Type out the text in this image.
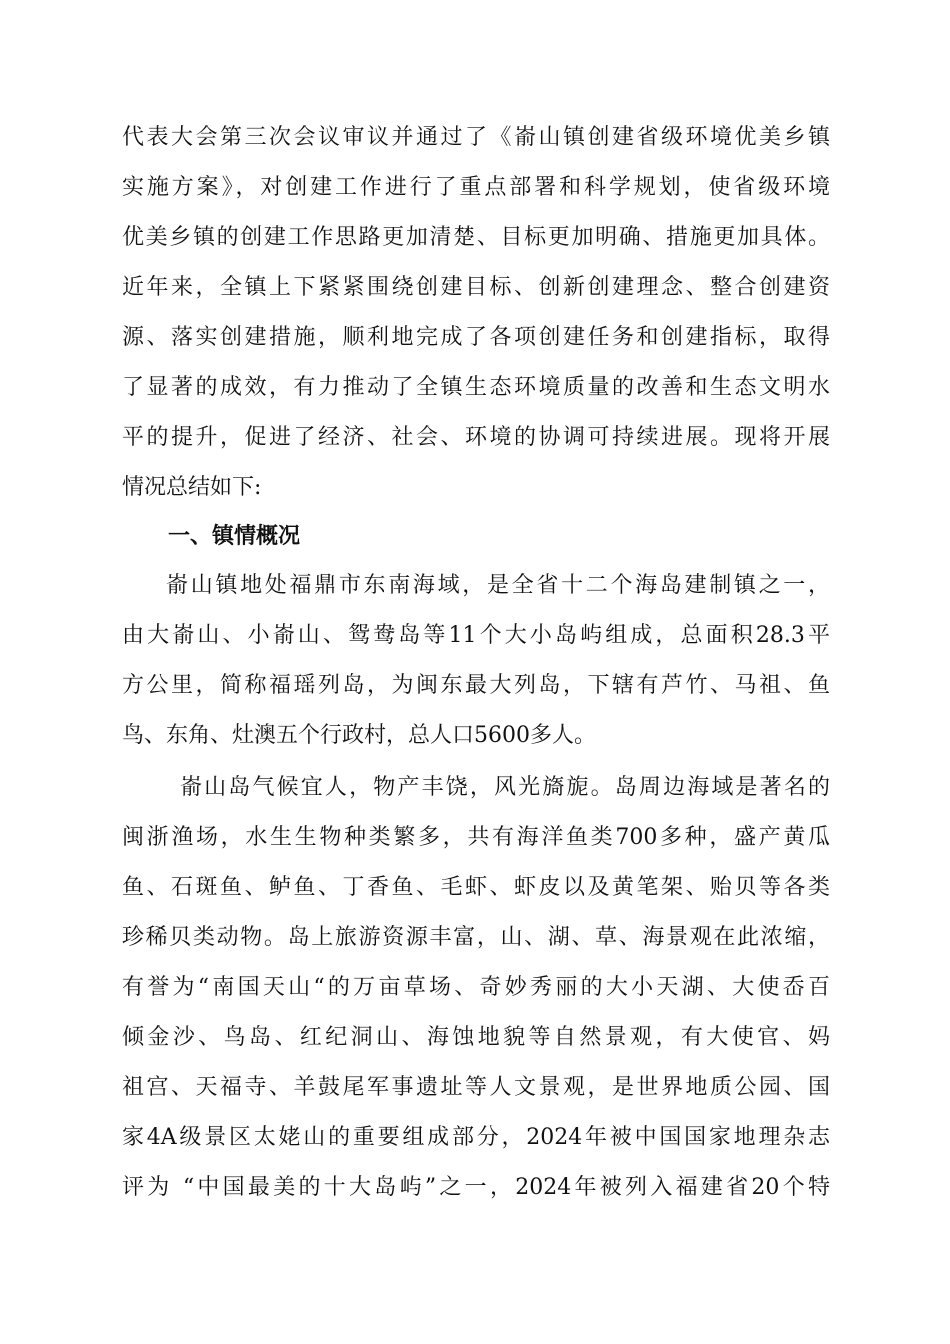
代表大会第三次会议审议并通过了《嵛山镇创建省级环境优美乡镇
实施方案》，对创建工作进行了重点部署和科学规划，使省级环境
优美乡镇的创建工作思路更加清楚、目标更加明确、措施更加具体。
近年来，全镇上下紧紧围绕创建目标、创新创建理念、整合创建资
源、落实创建措施，顺利地完成了各项创建任务和创建指标，取得
了显著的成效，有力推动了全镇生态环境质量的改善和生态文明水
平的提升，促进了经济、社会、环境的协调可持续进展。现将开展
情况总结如下:
一、镇情概况
嵛山镇地处福鼎市东南海域，是全省十二个海岛建制镇之一，
由大嵛山、小嵛山、鸳鸯岛等11个大小岛屿组成，总面积28.3平
方公里，简称福瑶列岛，为闽东最大列岛，下辖有芦竹、马祖、鱼
鸟、东角、灶澳五个行政村，总人口5600多人。
嵛山岛气候宜人，物产丰饶，风光旖旎。岛周边海域是著名的
闽浙渔场，水生生物种类繁多，共有海洋鱼类700多种，盛产黄瓜
鱼、石斑鱼、鲈鱼、丁香鱼、毛虾、虾皮以及黄笔架、贻贝等各类
珍稀贝类动物。岛上旅游资源丰富，山、湖、草、海景观在此浓缩，
有誉为“南国天山“的万亩草场、奇妙秀丽的大小天湖、大使岙百
倾金沙、鸟岛、红纪洞山、海蚀地貌等自然景观，有大使官、妈
祖宫、天福寺、羊鼓尾军事遗址等人文景观，是世界地质公园、国
家4A级景区太姥山的重要组成部分，2024年被中国国家地理杂志
评为 “中国最美的十大岛屿”之一，2024年被列入福建省20个特
